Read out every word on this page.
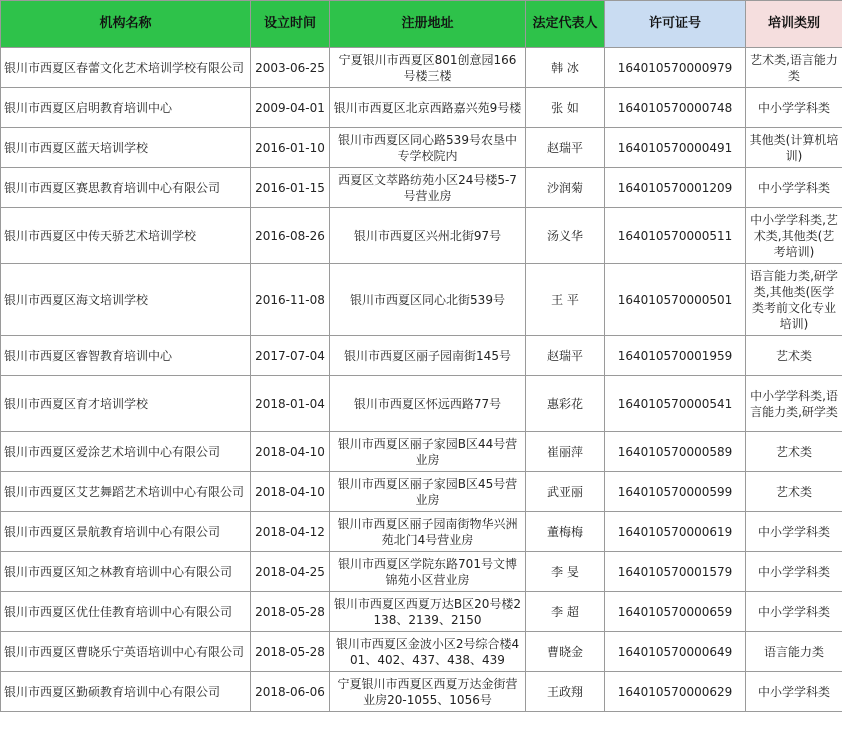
机构名称	设立时间	注册地址	法定代表人	许可证号	培训类别
银川市西夏区春蕾文化艺术培训学校有限公司	2003-06-25	宁夏银川市西夏区801创意园166号楼三楼	韩 冰	164010570000979	艺术类,语言能力类
银川市西夏区启明教育培训中心	2009-04-01	银川市西夏区北京西路嘉兴苑9号楼	张 如	164010570000748	中小学学科类
银川市西夏区蓝天培训学校	2016-01-10	银川市西夏区同心路539号农垦中专学校院内	赵瑞平	164010570000491	其他类(计算机培训)
银川市西夏区赛思教育培训中心有限公司	2016-01-15	西夏区文萃路纺苑小区24号楼5-7号营业房	沙润菊	164010570001209	中小学学科类
银川市西夏区中传天骄艺术培训学校	2016-08-26	银川市西夏区兴州北街97号	汤义华	164010570000511	中小学学科类,艺术类,其他类(艺考培训)
银川市西夏区海文培训学校	2016-11-08	银川市西夏区同心北街539号	王 平	164010570000501	语言能力类,研学类,其他类(医学类考前文化专业培训)
银川市西夏区睿智教育培训中心	2017-07-04	银川市西夏区丽子园南街145号	赵瑞平	164010570001959	艺术类
银川市西夏区育才培训学校	2018-01-04	银川市西夏区怀远西路77号	惠彩花	164010570000541	中小学学科类,语言能力类,研学类
银川市西夏区爱涂艺术培训中心有限公司	2018-04-10	银川市西夏区丽子家园B区44号营业房	崔丽萍	164010570000589	艺术类
银川市西夏区艾艺舞蹈艺术培训中心有限公司	2018-04-10	银川市西夏区丽子家园B区45号营业房	武亚丽	164010570000599	艺术类
银川市西夏区景航教育培训中心有限公司	2018-04-12	银川市西夏区丽子园南街物华兴洲苑北门4号营业房	董梅梅	164010570000619	中小学学科类
银川市西夏区知之林教育培训中心有限公司	2018-04-25	银川市西夏区学院东路701号文博锦苑小区营业房	李 旻	164010570001579	中小学学科类
银川市西夏区优仕佳教育培训中心有限公司	2018-05-28	银川市西夏区西夏万达B区20号楼2138、2139、2150	李 超	164010570000659	中小学学科类
银川市西夏区曹晓乐宁英语培训中心有限公司	2018-05-28	银川市西夏区金波小区2号综合楼401、402、437、438、439	曹晓金	164010570000649	语言能力类
银川市西夏区勤硕教育培训中心有限公司	2018-06-06	宁夏银川市西夏区西夏万达金街营业房20-1055、1056号	王政翔	164010570000629	中小学学科类
